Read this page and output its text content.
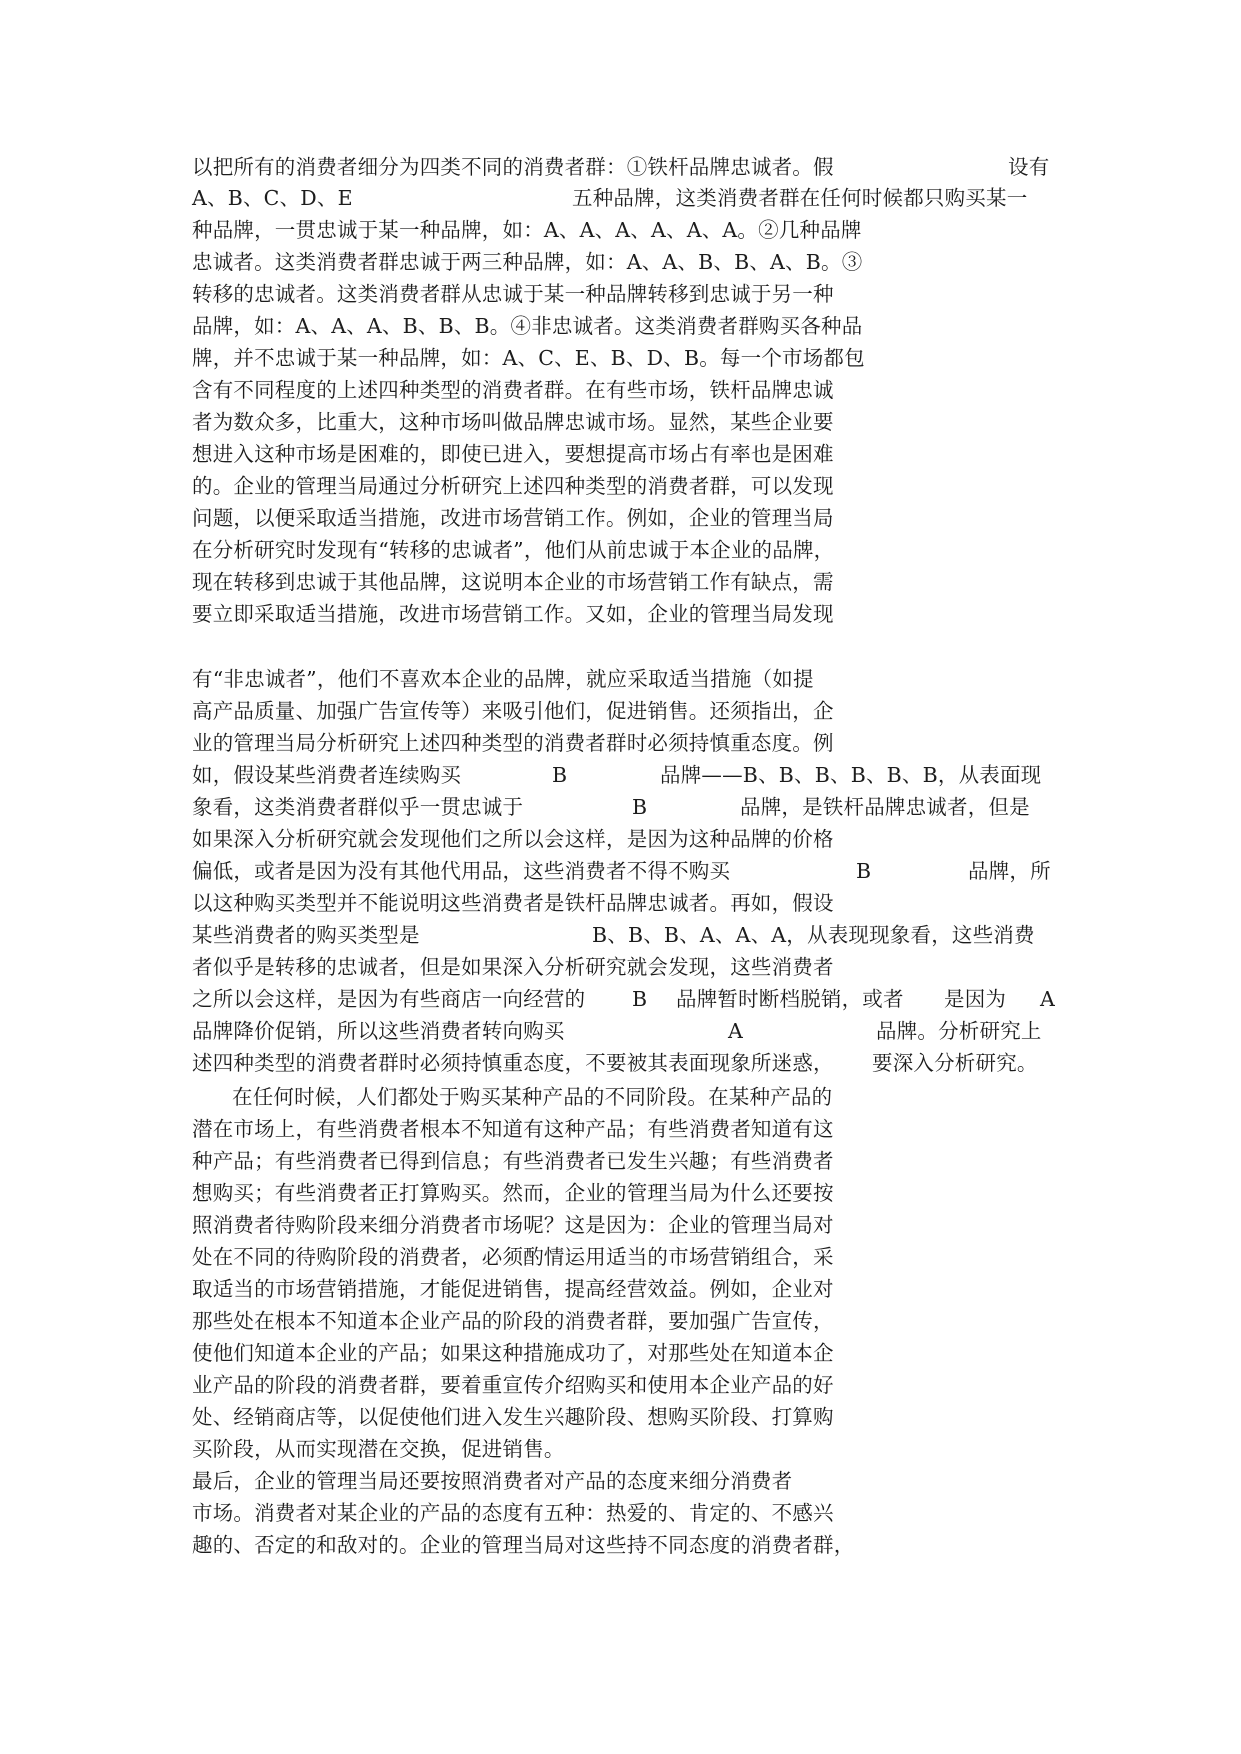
以把所有的消费者细分为四类不同的消费者群：①铁杆品牌忠诚者。假	设有
A、B、C、D、E	五种品牌，这类消费者群在任何时候都只购买某一
种品牌，一贯忠诚于某一种品牌，如：A、A、A、A、A、A。②几种品牌
忠诚者。这类消费者群忠诚于两三种品牌，如：A、A、B、B、A、B。③
转移的忠诚者。这类消费者群从忠诚于某一种品牌转移到忠诚于另一种
品牌，如：A、A、A、B、B、B。④非忠诚者。这类消费者群购买各种品
牌，并不忠诚于某一种品牌，如：A、C、E、B、D、B。每一个市场都包
含有不同程度的上述四种类型的消费者群。在有些市场，铁杆品牌忠诚
者为数众多，比重大，这种市场叫做品牌忠诚市场。显然，某些企业要
想进入这种市场是困难的，即使已进入，要想提高市场占有率也是困难
的。企业的管理当局通过分析研究上述四种类型的消费者群，可以发现
问题，以便采取适当措施，改进市场营销工作。例如，企业的管理当局
在分析研究时发现有“转移的忠诚者”，他们从前忠诚于本企业的品牌，
现在转移到忠诚于其他品牌，这说明本企业的市场营销工作有缺点，需
要立即采取适当措施，改进市场营销工作。又如，企业的管理当局发现
有“非忠诚者”，他们不喜欢本企业的品牌，就应采取适当措施（如提
高产品质量、加强广告宣传等）来吸引他们，促进销售。还须指出，企
业的管理当局分析研究上述四种类型的消费者群时必须持慎重态度。例
如，假设某些消费者连续购买	B	品牌——B、B、B、B、B、B，从表面现
象看，这类消费者群似乎一贯忠诚于	B	品牌，是铁杆品牌忠诚者，但是
如果深入分析研究就会发现他们之所以会这样，是因为这种品牌的价格
偏低，或者是因为没有其他代用品，这些消费者不得不购买	B	品牌，所
以这种购买类型并不能说明这些消费者是铁杆品牌忠诚者。再如，假设
某些消费者的购买类型是	B、B、B、A、A、A，从表现现象看，这些消费
者似乎是转移的忠诚者，但是如果深入分析研究就会发现，这些消费者
之所以会这样，是因为有些商店一向经营的 B 品牌暂时断档脱销，或者 是因为 A
品牌降价促销，所以这些消费者转向购买	A	品牌。分析研究上
述四种类型的消费者群时必须持慎重态度，不要被其表面现象所迷惑， 要深入分析研究。
在任何时候，人们都处于购买某种产品的不同阶段。在某种产品的
潜在市场上，有些消费者根本不知道有这种产品；有些消费者知道有这
种产品；有些消费者已得到信息；有些消费者已发生兴趣；有些消费者
想购买；有些消费者正打算购买。然而，企业的管理当局为什么还要按
照消费者待购阶段来细分消费者市场呢？这是因为：企业的管理当局对
处在不同的待购阶段的消费者，必须酌情运用适当的市场营销组合，采
取适当的市场营销措施，才能促进销售，提高经营效益。例如，企业对
那些处在根本不知道本企业产品的阶段的消费者群，要加强广告宣传，
使他们知道本企业的产品；如果这种措施成功了，对那些处在知道本企
业产品的阶段的消费者群，要着重宣传介绍购买和使用本企业产品的好
处、经销商店等，以促使他们进入发生兴趣阶段、想购买阶段、打算购
买阶段，从而实现潜在交换，促进销售。
最后，企业的管理当局还要按照消费者对产品的态度来细分消费者
市场。消费者对某企业的产品的态度有五种：热爱的、肯定的、不感兴
趣的、否定的和敌对的。企业的管理当局对这些持不同态度的消费者群，
